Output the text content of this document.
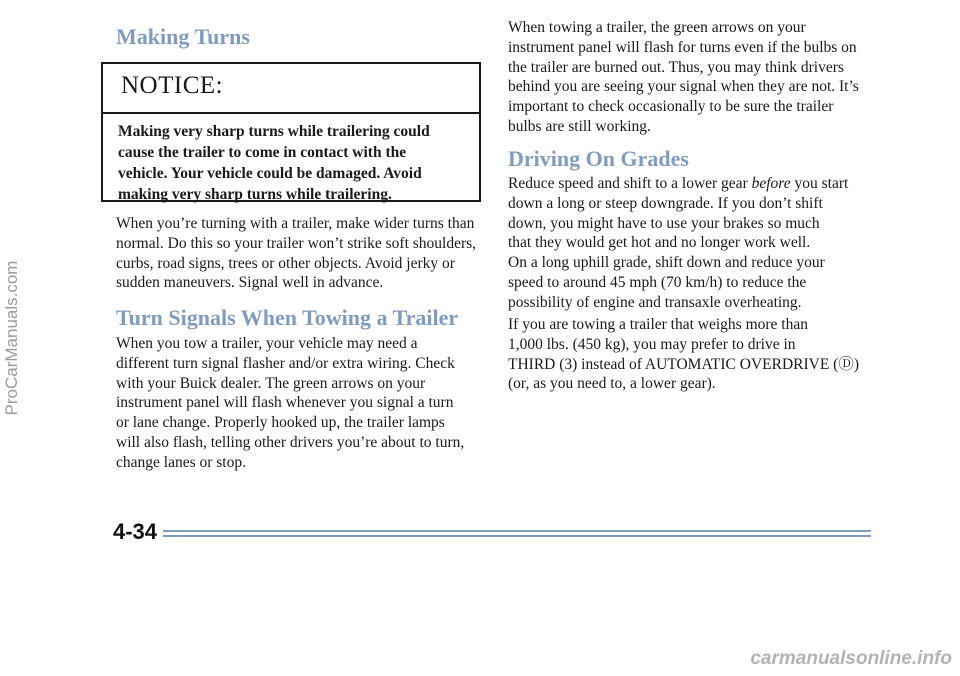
ProCarManuals.com
Making Turns
NOTICE:

Making very sharp turns while trailering could
cause the trailer to come in contact with the
vehicle. Your vehicle could be damaged. Avoid
making very sharp turns while trailering.

When you’re turning with a trailer, make wider turns than
normal. Do this so your trailer won’t strike soft shoulders,
curbs, road signs, trees or other objects. Avoid jerky or
sudden maneuvers. Signal well in advance.

Turn Signals When Towing a Trailer

When you tow a trailer, your vehicle may need a
different turn signal flasher and/or extra wiring. Check
with your Buick dealer. The green arrows on your
instrument panel will flash whenever you signal a turn
or lane change. Properly hooked up, the trailer lamps
will also flash, telling other drivers you’re about to turn,
change lanes or stop.

When towing a trailer, the green arrows on your
instrument panel will flash for turns even if the bulbs on
the trailer are burned out. Thus, you may think drivers
behind you are seeing your signal when they are not. It’s
important to check occasionally to be sure the trailer
bulbs are still working.

Driving On Grades

Reduce speed and shift to a lower gear before you start
down a long or steep downgrade. If you don’t shift
down, you might have to use your brakes so much
that they would get hot and no longer work well.

On a long uphill grade, shift down and reduce your
speed to around 45 mph (70 km/h) to reduce the
possibility of engine and transaxle overheating.

If you are towing a trailer that weighs more than
1,000 lbs. (450 kg), you may prefer to drive in
THIRD (3) instead of AUTOMATIC OVERDRIVE (Ⓓ)
(or, as you need to, a lower gear).

4-34

carmanualsonline.info
